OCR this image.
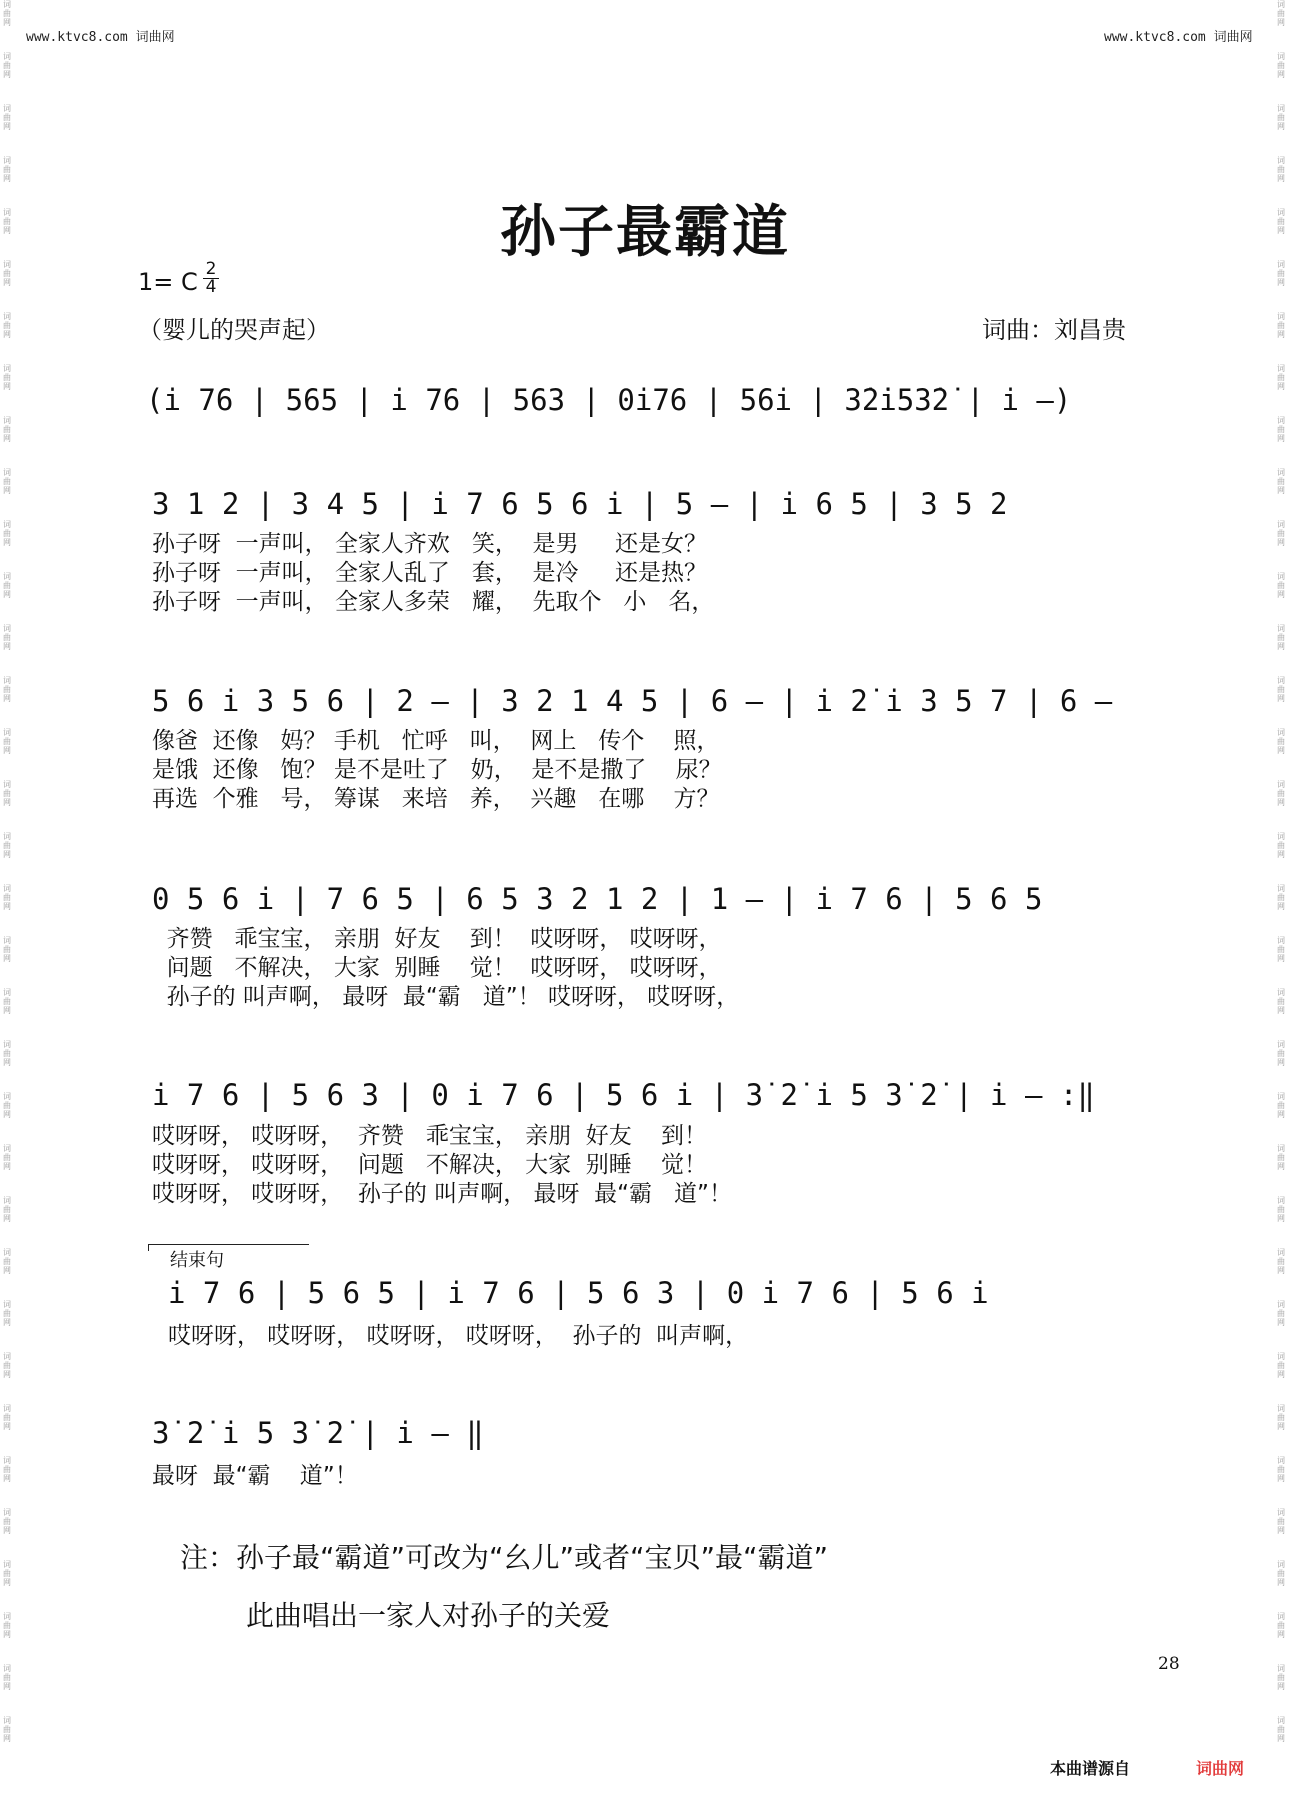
词
曲
网
词
曲
网
词
曲
网
词
曲
网
词
曲
网
词
曲
网
词
曲
网
词
曲
网
词
曲
网
词
曲
网
词
曲
网
词
曲
网
词
曲
网
词
曲
网
词
曲
网
词
曲
网
词
曲
网
词
曲
网
词
曲
网
词
曲
网
词
曲
网
词
曲
网
词
曲
网
词
曲
网
词
曲
网
词
曲
网
词
曲
网
词
曲
网
词
曲
网
词
曲
网
词
曲
网
词
曲
网
词
曲
网
词
曲
网
词
曲
网
词
曲
网
词
曲
网
词
曲
网
词
曲
网
词
曲
网
词
曲
网
词
曲
网
词
曲
网
词
曲
网
词
曲
网
词
曲
网
词
曲
网
词
曲
网
词
曲
网
词
曲
网
词
曲
网
词
曲
网
词
曲
网
词
曲
网
词
曲
网
词
曲
网
词
曲
网
词
曲
网
词
曲
网
词
曲
网
词
曲
网
词
曲
网
词
曲
网
词
曲
网
词
曲
网
词
曲
网
词
曲
网
词
曲
网
www.ktvc8.com 词曲网	www.ktvc8.com 词曲网
孙子最霸道
1= C 2
4
（婴儿的哭声起）	词曲：刘昌贵
(i 76 | 565 | i 76 | 563 | 0i76 | 56i | 3̇2̇i53̇2̇ | i –)
3 1 2 | 3 4 5 | i 7 6 5 6 i | 5 – | i 6 5 | 3 5 2
孙子呀  一声叫， 全家人齐欢   笑，  是男     还是女？
孙子呀  一声叫， 全家人乱了   套，  是冷     还是热？
孙子呀  一声叫， 全家人多荣   耀，  先取个   小   名，
5 6 i 3 5 6 | 2 – | 3 2 1 4 5 | 6 – | i 2̇ i 3 5 7 | 6 –
像爸  还像   妈？ 手机   忙呼   叫，  网上   传个    照，
是饿  还像   饱？ 是不是吐了   奶，  是不是撒了    尿？
再选  个雅   号， 筹谋   来培   养，  兴趣   在哪    方？
0 5 6 i | 7 6 5 | 6 5 3 2 1 2 | 1 – | i 7 6 | 5 6 5
齐赞   乖宝宝， 亲朋  好友    到！  哎呀呀， 哎呀呀，
问题   不解决， 大家  别睡    觉！  哎呀呀， 哎呀呀，
孙子的 叫声啊， 最呀  最“霸   道”！ 哎呀呀， 哎呀呀，
i 7 6 | 5 6 3 | 0 i 7 6 | 5 6 i | 3̇ 2̇ i 5 3̇ 2̇ | i – :‖
哎呀呀， 哎呀呀，  齐赞   乖宝宝， 亲朋  好友    到！
哎呀呀， 哎呀呀，  问题   不解决， 大家  别睡    觉！
哎呀呀， 哎呀呀，  孙子的 叫声啊， 最呀  最“霸   道”！
结束句
i 7 6 | 5 6 5 | i 7 6 | 5 6 3 | 0 i 7 6 | 5 6 i
哎呀呀， 哎呀呀， 哎呀呀， 哎呀呀，  孙子的  叫声啊，
3̇ 2̇ i 5 3̇ 2̇ | i – ‖
最呀  最“霸    道”！
注：孙子最“霸道”可改为“幺儿”或者“宝贝”最“霸道”
此曲唱出一家人对孙子的关爱
28
本曲谱源自	词曲网
